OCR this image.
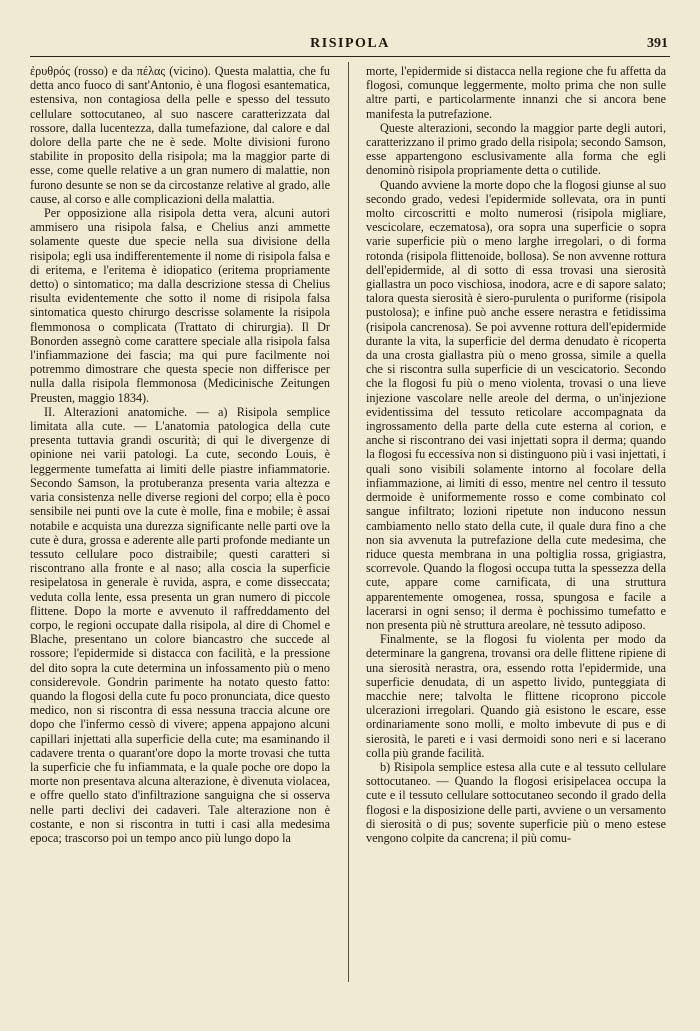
RISIPOLA	391

ἐρυθρός (rosso) e da πέλας (vicino). Questa malattia, che fu detta anco fuoco di sant'Antonio, è una flogosi esantematica, estensiva, non contagiosa della pelle e spesso del tessuto cellulare sottocutaneo, al suo nascere caratterizzata dal rossore, dalla lucentezza, dalla tumefazione, dal calore e dal dolore della parte che ne è sede. Molte divisioni furono stabilite in proposito della risipola; ma la maggior parte di esse, come quelle relative a un gran numero di malattie, non furono desunte se non se da circostanze relative al grado, alle cause, al corso e alle complicazioni della malattia.

Per opposizione alla risipola detta vera, alcuni autori ammisero una risipola falsa, e Chelius anzi ammette solamente queste due specie nella sua divisione della risipola; egli usa indifferentemente il nome di risipola falsa e di eritema, e l'eritema è idiopatico (eritema propriamente detto) o sintomatico; ma dalla descrizione stessa di Chelius risulta evidentemente che sotto il nome di risipola falsa sintomatica questo chirurgo descrisse solamente la risipola flemmonosa o complicata (Trattato di chirurgia). Il Dr Bonorden assegnò come carattere speciale alla risipola falsa l'infiammazione dei fascia; ma qui pure facilmente noi potremmo dimostrare che questa specie non differisce per nulla dalla risipola flemmonosa (Medicinische Zeitungen Preusten, maggio 1834).

II. Alterazioni anatomiche. — a) Risipola semplice limitata alla cute. — L'anatomia patologica della cute presenta tuttavia grandi oscurità; di qui le divergenze di opinione nei varii patologi. La cute, secondo Louis, è leggermente tumefatta ai limiti delle piastre infiammatorie. Secondo Samson, la protuberanza presenta varia altezza e varia consistenza nelle diverse regioni del corpo; ella è poco sensibile nei punti ove la cute è molle, fina e mobile; è assai notabile e acquista una durezza significante nelle parti ove la cute è dura, grossa e aderente alle parti profonde mediante un tessuto cellulare poco distraibile; questi caratteri si riscontrano alla fronte e al naso; alla coscia la superficie resipelatosa in generale è ruvida, aspra, e come disseccata; veduta colla lente, essa presenta un gran numero di piccole flittene. Dopo la morte e avvenuto il raffreddamento del corpo, le regioni occupate dalla risipola, al dire di Chomel e Blache, presentano un colore biancastro che succede al rossore; l'epidermide si distacca con facilità, e la pressione del dito sopra la cute determina un infossamento più o meno considerevole. Gondrin parimente ha notato questo fatto: quando la flogosi della cute fu poco pronunciata, dice questo medico, non si riscontra di essa nessuna traccia alcune ore dopo che l'infermo cessò di vivere; appena appajono alcuni capillari injettati alla superficie della cute; ma esaminando il cadavere trenta o quarant'ore dopo la morte trovasi che tutta la superficie che fu infiammata, e la quale poche ore dopo la morte non presentava alcuna alterazione, è divenuta violacea, e offre quello stato d'infiltrazione sanguigna che si osserva nelle parti declivi dei cadaveri. Tale alterazione non è costante, e non si riscontra in tutti i casi alla medesima epoca; trascorso poi un tempo anco più lungo dopo la

morte, l'epidermide si distacca nella regione che fu affetta da flogosi, comunque leggermente, molto prima che non sulle altre parti, e particolarmente innanzi che si ancora bene manifesta la putrefazione.

Queste alterazioni, secondo la maggior parte degli autori, caratterizzano il primo grado della risipola; secondo Samson, esse appartengono esclusivamente alla forma che egli denominò risipola propriamente detta o cutilide.

Quando avviene la morte dopo che la flogosi giunse al suo secondo grado, vedesi l'epidermide sollevata, ora in punti molto circoscritti e molto numerosi (risipola migliare, vescicolare, eczematosa), ora sopra una superficie o sopra varie superficie più o meno larghe irregolari, o di forma rotonda (risipola flittenoide, bollosa). Se non avvenne rottura dell'epidermide, al di sotto di essa trovasi una sierosità giallastra un poco vischiosa, inodora, acre e di sapore salato; talora questa sierosità è siero-purulenta o puriforme (risipola pustolosa); e infine può anche essere nerastra e fetidissima (risipola cancrenosa). Se poi avvenne rottura dell'epidermide durante la vita, la superficie del derma denudato è ricoperta da una crosta giallastra più o meno grossa, simile a quella che si riscontra sulla superficie di un vescicatorio. Secondo che la flogosi fu più o meno violenta, trovasi o una lieve injezione vascolare nelle areole del derma, o un'injezione evidentissima del tessuto reticolare accompagnata da ingrossamento della parte della cute esterna al corion, e anche si riscontrano dei vasi injettati sopra il derma; quando la flogosi fu eccessiva non si distinguono più i vasi injettati, i quali sono visibili solamente intorno al focolare della infiammazione, ai limiti di esso, mentre nel centro il tessuto dermoide è uniformemente rosso e come combinato col sangue infiltrato; lozioni ripetute non inducono nessun cambiamento nello stato della cute, il quale dura fino a che non sia avvenuta la putrefazione della cute medesima, che riduce questa membrana in una poltiglia rossa, grigiastra, scorrevole. Quando la flogosi occupa tutta la spessezza della cute, appare come carnificata, di una struttura apparentemente omogenea, rossa, spungosa e facile a lacerarsi in ogni senso; il derma è pochissimo tumefatto e non presenta più nè struttura areolare, nè tessuto adiposo.

Finalmente, se la flogosi fu violenta per modo da determinare la gangrena, trovansi ora delle flittene ripiene di una sierosità nerastra, ora, essendo rotta l'epidermide, una superficie denudata, di un aspetto livido, punteggiata di macchie nere; talvolta le flittene ricoprono piccole ulcerazioni irregolari. Quando già esistono le escare, esse ordinariamente sono molli, e molto imbevute di pus e di sierosità, le pareti e i vasi dermoidi sono neri e si lacerano colla più grande facilità.

b) Risipola semplice estesa alla cute e al tessuto cellulare sottocutaneo. — Quando la flogosi erisipelacea occupa la cute e il tessuto cellulare sottocutaneo secondo il grado della flogosi e la disposizione delle parti, avviene o un versamento di sierosità o di pus; sovente superficie più o meno estese vengono colpite da cancrena; il più comu-
